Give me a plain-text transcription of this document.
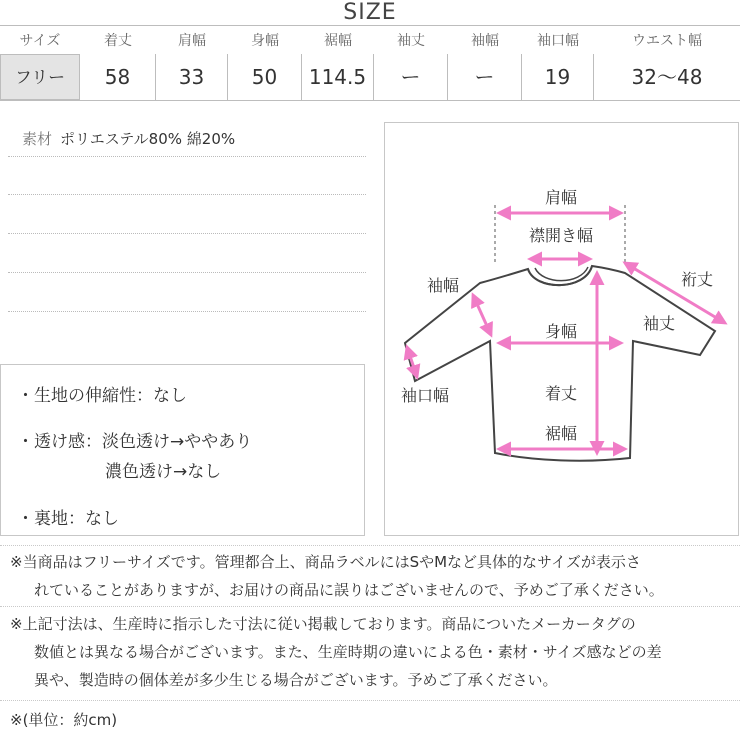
SIZE
サイズ	着丈	肩幅	身幅	裾幅	袖丈	袖幅	袖口幅	ウエスト幅
フリー	58	33	50	114.5	ー	ー	19	32〜48
素材 ポリエステル80% 綿20%
・生地の伸縮性：なし
・透け感：淡色透け→ややあり
濃色透け→なし
・裏地：なし
肩幅
襟開き幅
裄丈
袖幅
身幅	袖丈
袖口幅	着丈
裾幅
※当商品はフリーサイズです。管理都合上、商品ラベルにはSやMなど具体的なサイズが表示さ
れていることがありますが、お届けの商品に誤りはございませんので、予めご了承ください。
※上記寸法は、生産時に指示した寸法に従い掲載しております。商品についたメーカータグの
数値とは異なる場合がございます。また、生産時期の違いによる色・素材・サイズ感などの差
異や、製造時の個体差が多少生じる場合がございます。予めご了承ください。
※(単位：約cm)
